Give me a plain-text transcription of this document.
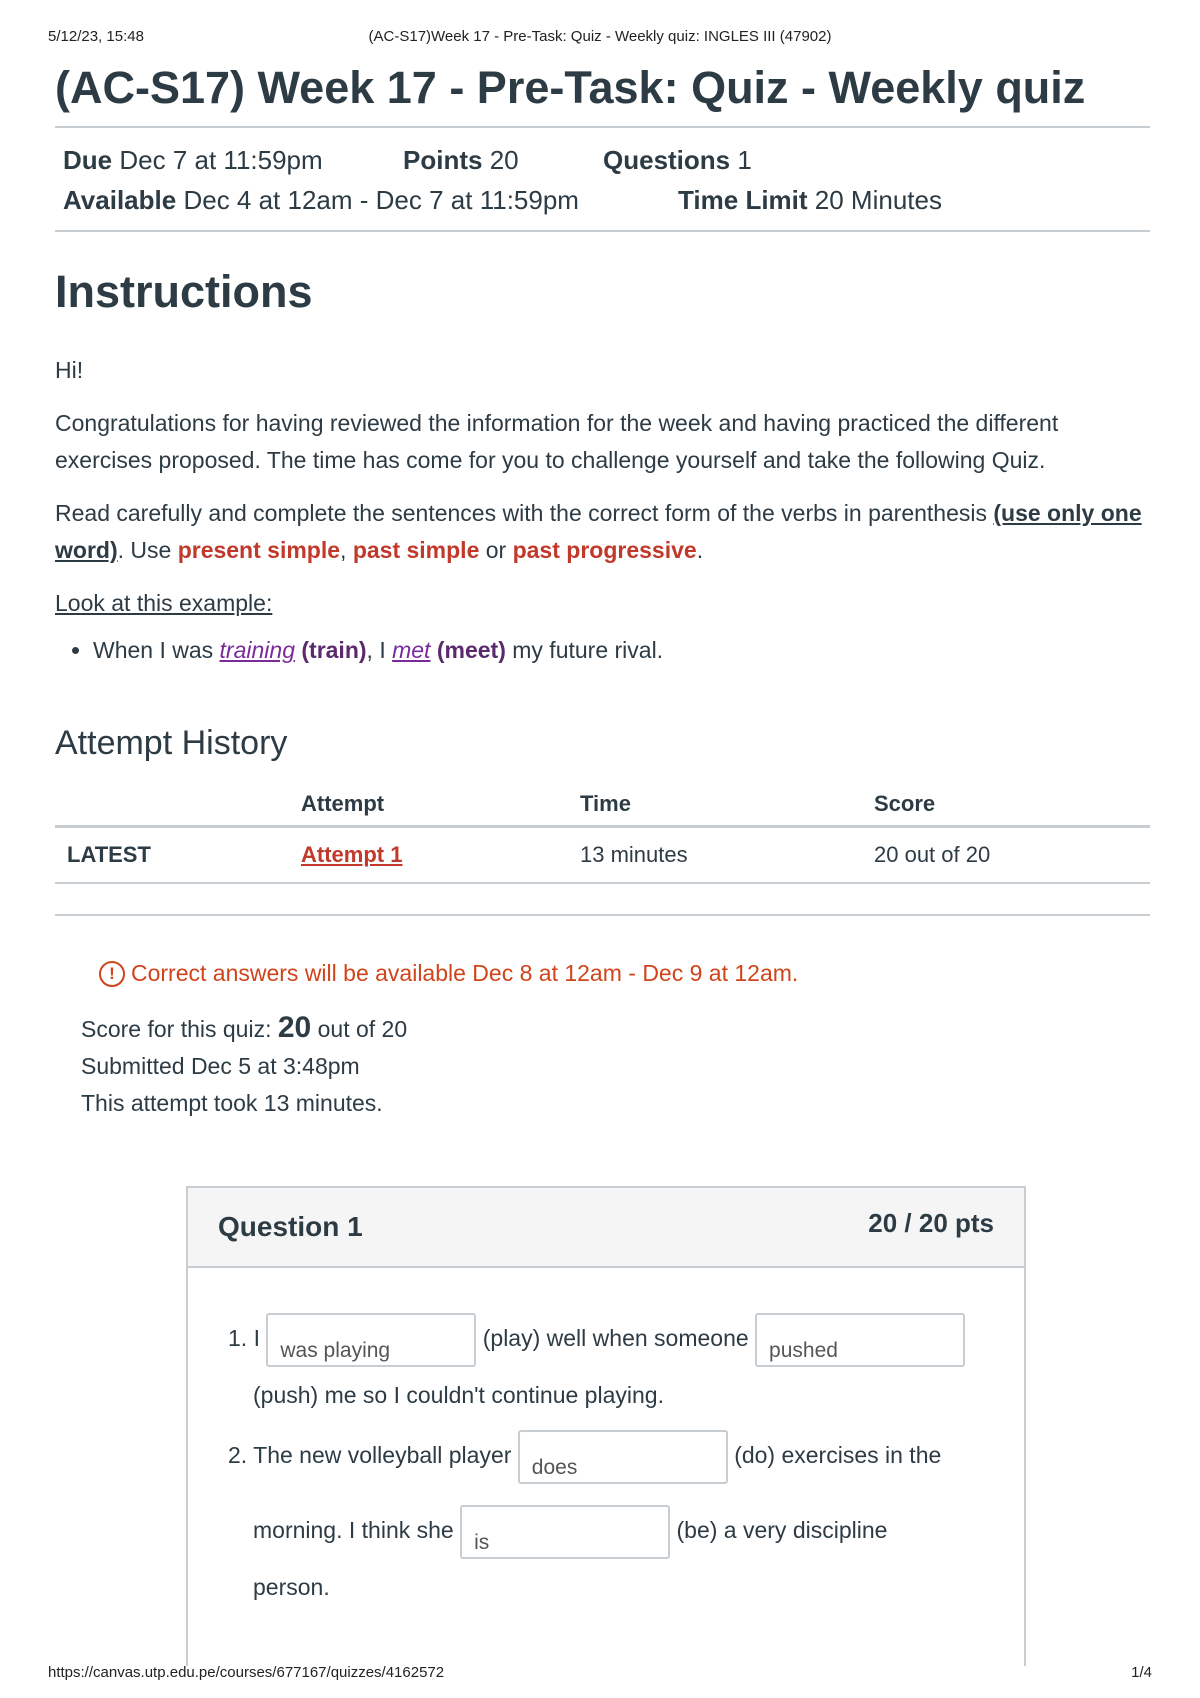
5/12/23, 15:48	(AC-S17)Week 17 - Pre-Task: Quiz - Weekly quiz: INGLES III (47902)
(AC-S17) Week 17 - Pre-Task: Quiz - Weekly quiz
Due Dec 7 at 11:59pm	Points 20	Questions 1
Available Dec 4 at 12am - Dec 7 at 11:59pm	Time Limit 20 Minutes
Instructions

Hi!

Congratulations for having reviewed the information for the week and having practiced the different exercises proposed. The time has come for you to challenge yourself and take the following Quiz.

Read carefully and complete the sentences with the correct form of the verbs in parenthesis (use only one word). Use present simple, past simple or past progressive.

Look at this example:

• When I was training (train), I met (meet) my future rival.
Attempt History
	Attempt	Time	Score
LATEST	Attempt 1	13 minutes	20 out of 20
! Correct answers will be available Dec 8 at 12am - Dec 9 at 12am.
Score for this quiz: 20 out of 20
Submitted Dec 5 at 3:48pm
This attempt took 13 minutes.
Question 1	20 / 20 pts
1. I was playing	(play) well when someone pushed
(push) me so I couldn't continue playing.
2. The new volleyball player does	(do) exercises in the
morning. I think she is	(be) a very discipline
person.
https://canvas.utp.edu.pe/courses/677167/quizzes/4162572	1/4
